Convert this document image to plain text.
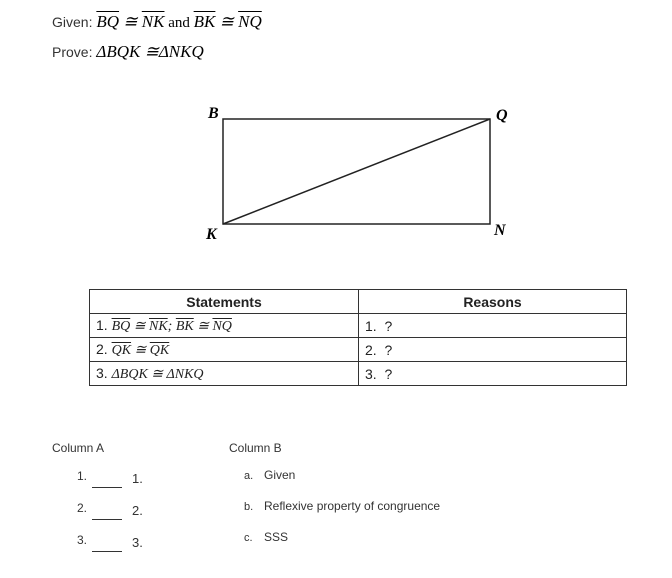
Given: $\overline{BQ}$ ≅ $\overline{NK}$ and $\overline{BK}$ ≅ $\overline{NQ}$
Prove: ΔBQK ≅ΔNKQ
B	Q
K	N
Statements	Reasons
1. $\overline{BQ}$ ≅ $\overline{NK}$; $\overline{BK}$ ≅ $\overline{NQ}$	1. ?
2. $\overline{QK}$ ≅ $\overline{QK}$	2. ?
3. ΔBQK ≅ ΔNKQ	3. ?
Column A
1.	1.
2.	2.
3.	3.
Column B
a. Given
b. Reflexive property of congruence
c. SSS
